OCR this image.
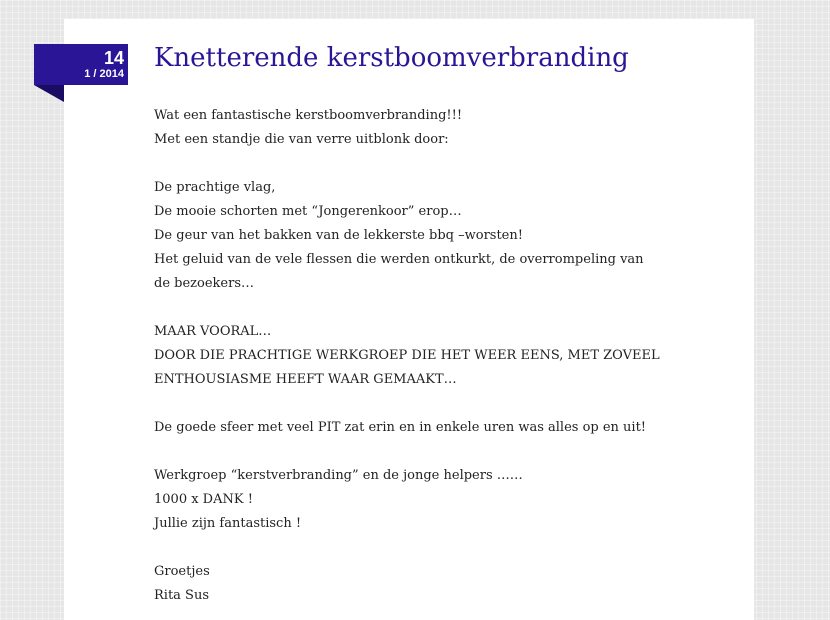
14
1 / 2014
Knetterende kerstboomverbranding

Wat een fantastische kerstboomverbranding!!!
Met een standje die van verre uitblonk door:

De prachtige vlag,
De mooie schorten met “Jongerenkoor” erop…
De geur van het bakken van de lekkerste bbq –worsten!
Het geluid van de vele flessen die werden ontkurkt, de overrompeling van
de bezoekers…

MAAR VOORAL…
DOOR DIE PRACHTIGE WERKGROEP DIE HET WEER EENS, MET ZOVEEL
ENTHOUSIASME HEEFT WAAR GEMAAKT…

De goede sfeer met veel PIT zat erin en in enkele uren was alles op en uit!

Werkgroep “kerstverbranding” en de jonge helpers ……
1000 x DANK !
Jullie zijn fantastisch !

Groetjes
Rita Sus
